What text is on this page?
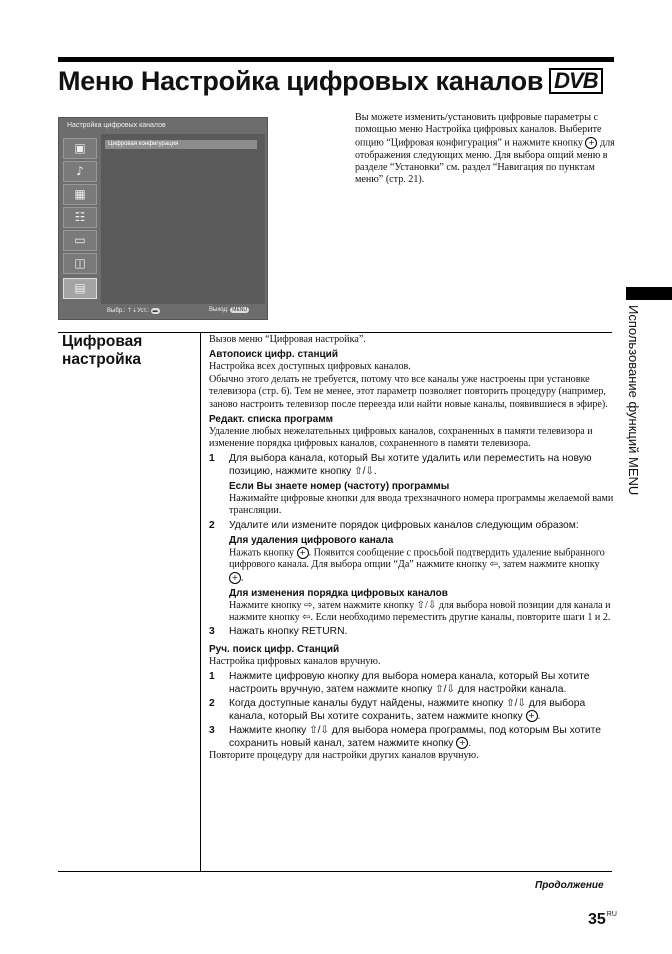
Меню Настройка цифровых каналов DVB
Настройка цифровых каналов
▣
♪
▦
☷
▭
◫
▤
Цифровая конфигурация
Выбр.: ⇡⇣Уст.: ▬	Выход: MENU

Вы можете изменить/установить цифровые параметры с помощью меню Настройка цифровых каналов. Выберите опцию “Цифровая конфигурация” и нажмите кнопку + для отображения следующих меню. Для выбора опций меню в разделе “Установки” см. раздел “Навигация по пунктам меню” (стр. 21).

Использование функций MENU
Цифровая
настройка

Вызов меню “Цифровая настройка”.

Автопоиск цифр. станций

Настройка всех доступных цифровых каналов.

Обычно этого делать не требуется, потому что все каналы уже настроены при установке телевизора (стр. 6). Тем не менее, этот параметр позволяет повторить процедуру (например, заново настроить телевизор после переезда или найти новые каналы, появившиеся в эфире).

Редакт. списка программ

Удаление любых нежелательных цифровых каналов, сохраненных в памяти телевизора и изменение порядка цифровых каналов, сохраненного в памяти телевизора.

1 Для выбора канала, который Вы хотите удалить или переместить на новую позицию, нажмите кнопку ⇧/⇩.

Если Вы знаете номер (частоту) программы

Нажимайте цифровые кнопки для ввода трехзначного номера программы желаемой вами трансляции.

2 Удалите или измените порядок цифровых каналов следующим образом:

Для удаления цифрового канала

Нажать кнопку + . Появится сообщение с просьбой подтвердить удаление выбранного цифрового канала. Для выбора опции “Да” нажмите кнопку ⇦, затем нажмите кнопку + .

Для изменения порядка цифровых каналов

Нажмите кнопку ⇨, затем нажмите кнопку ⇧/⇩ для выбора новой позиции для канала и нажмите кнопку ⇦. Если необходимо переместить другие каналы, повторите шаги 1 и 2.

3 Нажать кнопку RETURN.

Руч. поиск цифр. Станций

Настройка цифровых каналов вручную.

1 Нажмите цифровую кнопку для выбора номера канала, который Вы хотите настроить вручную, затем нажмите кнопку ⇧/⇩ для настройки канала.
2 Когда доступные каналы будут найдены, нажмите кнопку ⇧/⇩ для выбора канала, который Вы хотите сохранить, затем нажмите кнопку + .
3 Нажмите кнопку ⇧/⇩ для выбора номера программы, под которым Вы хотите сохранить новый канал, затем нажмите кнопку + .

Повторите процедуру для настройки других каналов вручную.

Продолжение
$35^{RU}$
